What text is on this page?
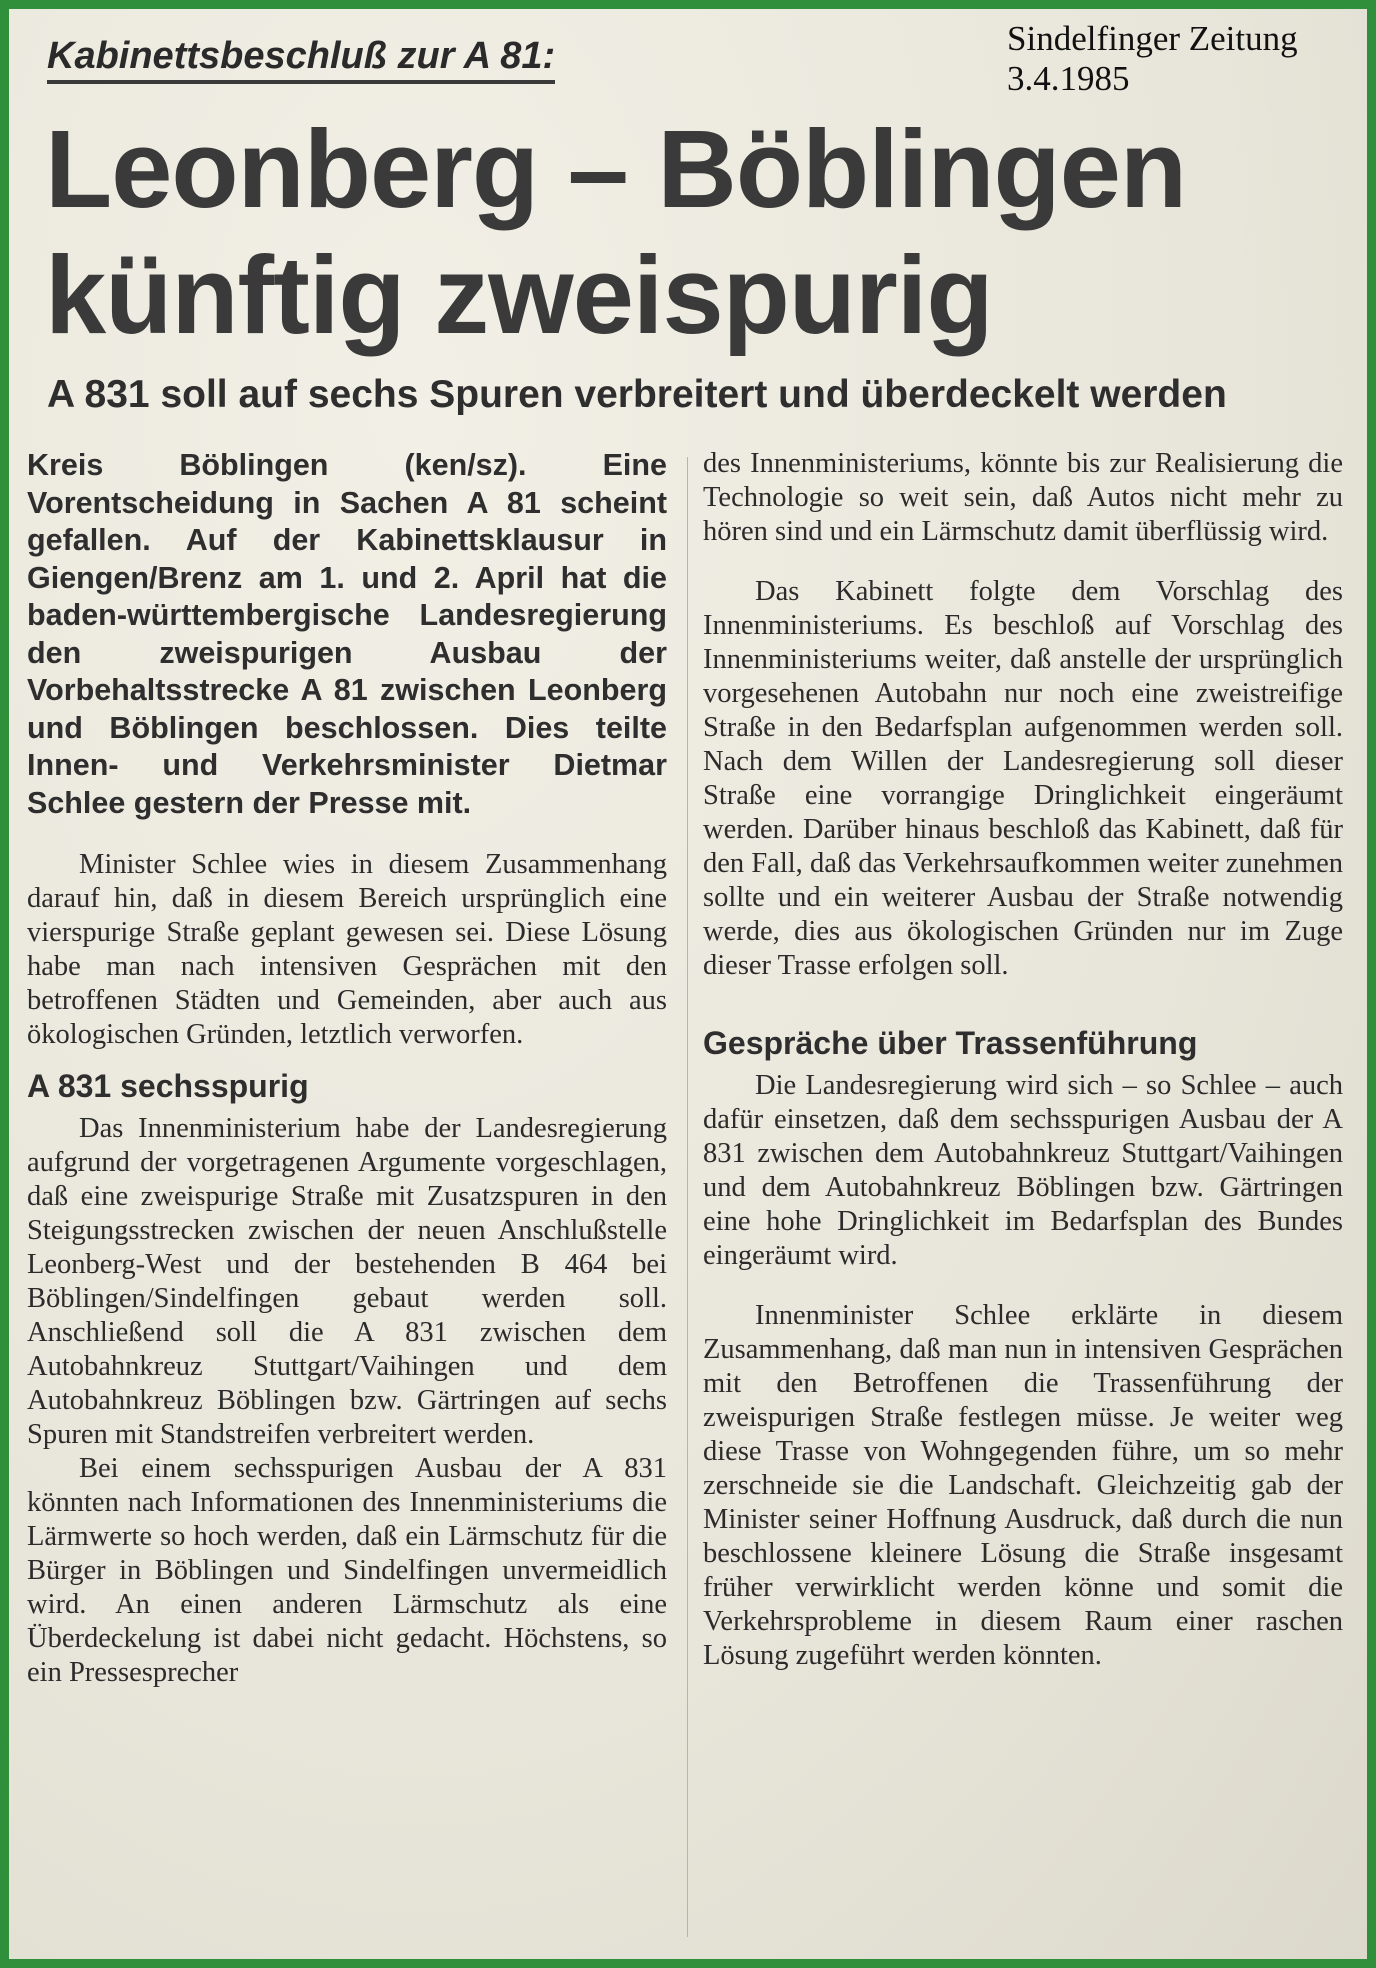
Sindelfinger Zeitung
3.4.1985
Kabinettsbeschluß zur A 81:
Leonberg – Böblingen
künftig zweispurig
A 831 soll auf sechs Spuren verbreitert und überdeckelt werden

Kreis Böblingen (ken/sz). Eine Vorentscheidung in Sachen A 81 scheint gefallen. Auf der Kabinettsklausur in Giengen/Brenz am 1. und 2. April hat die baden-württembergische Landesregierung den zweispurigen Ausbau der Vorbehaltsstrecke A 81 zwischen Leonberg und Böblingen beschlossen. Dies teilte Innen- und Verkehrsminister Dietmar Schlee gestern der Presse mit.

Minister Schlee wies in diesem Zusammenhang darauf hin, daß in diesem Bereich ursprünglich eine vierspurige Straße geplant gewesen sei. Diese Lösung habe man nach intensiven Gesprächen mit den betroffenen Städten und Gemeinden, aber auch aus ökologischen Gründen, letztlich verworfen.

A 831 sechsspurig

Das Innenministerium habe der Landesregierung aufgrund der vorgetragenen Argumente vorgeschlagen, daß eine zweispurige Straße mit Zusatzspuren in den Steigungsstrecken zwischen der neuen Anschlußstelle Leonberg-West und der bestehenden B 464 bei Böblingen/Sindelfingen gebaut werden soll. Anschließend soll die A 831 zwischen dem Autobahnkreuz Stuttgart/Vaihingen und dem Autobahnkreuz Böblingen bzw. Gärtringen auf sechs Spuren mit Standstreifen verbreitert werden.

Bei einem sechsspurigen Ausbau der A 831 könnten nach Informationen des Innenministeriums die Lärmwerte so hoch werden, daß ein Lärmschutz für die Bürger in Böblingen und Sindelfingen unvermeidlich wird. An einen anderen Lärmschutz als eine Überdeckelung ist dabei nicht gedacht. Höchstens, so ein Pressesprecher

des Innenministeriums, könnte bis zur Realisierung die Technologie so weit sein, daß Autos nicht mehr zu hören sind und ein Lärmschutz damit überflüssig wird.

Das Kabinett folgte dem Vorschlag des Innenministeriums. Es beschloß auf Vorschlag des Innenministeriums weiter, daß anstelle der ursprünglich vorgesehenen Autobahn nur noch eine zweistreifige Straße in den Bedarfsplan aufgenommen werden soll. Nach dem Willen der Landesregierung soll dieser Straße eine vorrangige Dringlichkeit eingeräumt werden. Darüber hinaus beschloß das Kabinett, daß für den Fall, daß das Verkehrsaufkommen weiter zunehmen sollte und ein weiterer Ausbau der Straße notwendig werde, dies aus ökologischen Gründen nur im Zuge dieser Trasse erfolgen soll.

Gespräche über Trassenführung

Die Landesregierung wird sich – so Schlee – auch dafür einsetzen, daß dem sechsspurigen Ausbau der A 831 zwischen dem Autobahnkreuz Stuttgart/Vaihingen und dem Autobahnkreuz Böblingen bzw. Gärtringen eine hohe Dringlichkeit im Bedarfsplan des Bundes eingeräumt wird.

Innenminister Schlee erklärte in diesem Zusammenhang, daß man nun in intensiven Gesprächen mit den Betroffenen die Trassenführung der zweispurigen Straße festlegen müsse. Je weiter weg diese Trasse von Wohngegenden führe, um so mehr zerschneide sie die Landschaft. Gleichzeitig gab der Minister seiner Hoffnung Ausdruck, daß durch die nun beschlossene kleinere Lösung die Straße insgesamt früher verwirklicht werden könne und somit die Verkehrsprobleme in diesem Raum einer raschen Lösung zugeführt werden könnten.
